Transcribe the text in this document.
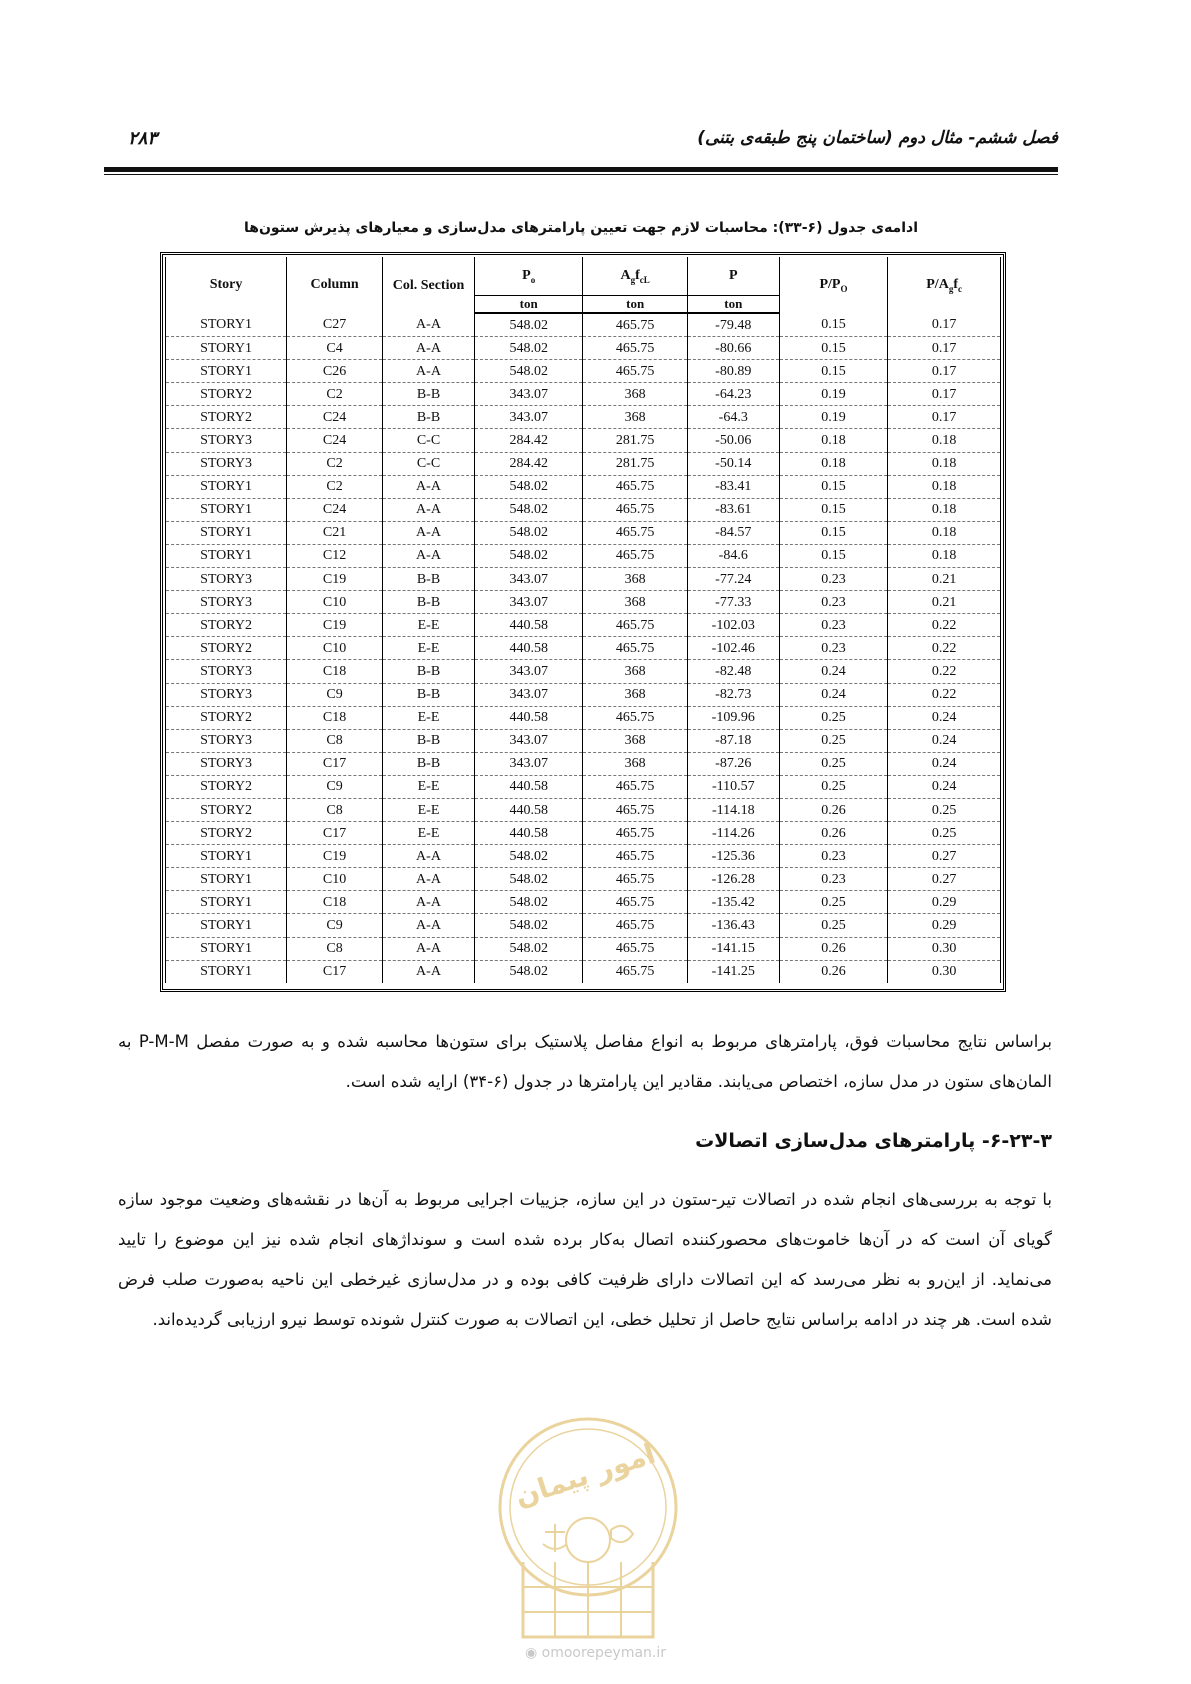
فصل ششم- مثال دوم (ساختمان پنج طبقه‌ی بتنی)
۲۸۳
ادامه‌ی جدول (۶-۳۳): محاسبات لازم جهت تعیین پارامترهای مدل‌سازی و معیارهای پذیرش ستون‌ها
Story	Column	Col. Section	$P_o$	$A_gf_{cL}$	P	$P/P_O$	$P/A_gf_c$
			ton	ton	ton		
STORY1	C27	A-A	548.02	465.75	-79.48	0.15	0.17
STORY1	C4	A-A	548.02	465.75	-80.66	0.15	0.17
STORY1	C26	A-A	548.02	465.75	-80.89	0.15	0.17
STORY2	C2	B-B	343.07	368	-64.23	0.19	0.17
STORY2	C24	B-B	343.07	368	-64.3	0.19	0.17
STORY3	C24	C-C	284.42	281.75	-50.06	0.18	0.18
STORY3	C2	C-C	284.42	281.75	-50.14	0.18	0.18
STORY1	C2	A-A	548.02	465.75	-83.41	0.15	0.18
STORY1	C24	A-A	548.02	465.75	-83.61	0.15	0.18
STORY1	C21	A-A	548.02	465.75	-84.57	0.15	0.18
STORY1	C12	A-A	548.02	465.75	-84.6	0.15	0.18
STORY3	C19	B-B	343.07	368	-77.24	0.23	0.21
STORY3	C10	B-B	343.07	368	-77.33	0.23	0.21
STORY2	C19	E-E	440.58	465.75	-102.03	0.23	0.22
STORY2	C10	E-E	440.58	465.75	-102.46	0.23	0.22
STORY3	C18	B-B	343.07	368	-82.48	0.24	0.22
STORY3	C9	B-B	343.07	368	-82.73	0.24	0.22
STORY2	C18	E-E	440.58	465.75	-109.96	0.25	0.24
STORY3	C8	B-B	343.07	368	-87.18	0.25	0.24
STORY3	C17	B-B	343.07	368	-87.26	0.25	0.24
STORY2	C9	E-E	440.58	465.75	-110.57	0.25	0.24
STORY2	C8	E-E	440.58	465.75	-114.18	0.26	0.25
STORY2	C17	E-E	440.58	465.75	-114.26	0.26	0.25
STORY1	C19	A-A	548.02	465.75	-125.36	0.23	0.27
STORY1	C10	A-A	548.02	465.75	-126.28	0.23	0.27
STORY1	C18	A-A	548.02	465.75	-135.42	0.25	0.29
STORY1	C9	A-A	548.02	465.75	-136.43	0.25	0.29
STORY1	C8	A-A	548.02	465.75	-141.15	0.26	0.30
STORY1	C17	A-A	548.02	465.75	-141.25	0.26	0.30
براساس نتایج محاسبات فوق، پارامترهای مربوط به انواع مفاصل پلاستیک برای ستون‌ها محاسبه شده و به صورت مفصل P-M-M به المان‌های ستون در مدل سازه، اختصاص می‌یابند. مقادیر این پارامترها در جدول (۶-۳۴) ارایه شده است.
۶-۲۳-۳- پارامترهای مدل‌سازی اتصالات
با توجه به بررسی‌های انجام شده در اتصالات تیر-ستون در این سازه، جزییات اجرایی مربوط به آن‌ها در نقشه‌های وضعیت موجود سازه گویای آن است که در آن‌ها خاموت‌های محصورکننده اتصال به‌کار برده شده است و سونداژهای انجام شده نیز این موضوع را تایید می‌نماید. از این‌رو به نظر می‌رسد که این اتصالات دارای ظرفیت کافی بوده و در مدل‌سازی غیرخطی این ناحیه به‌صورت صلب فرض شده است. هر چند در ادامه براساس نتایج حاصل از تحلیل خطی، این اتصالات به صورت کنترل شونده توسط نیرو ارزیابی گردیده‌اند.
امور پیمان
◉ omoorepeyman.ir
